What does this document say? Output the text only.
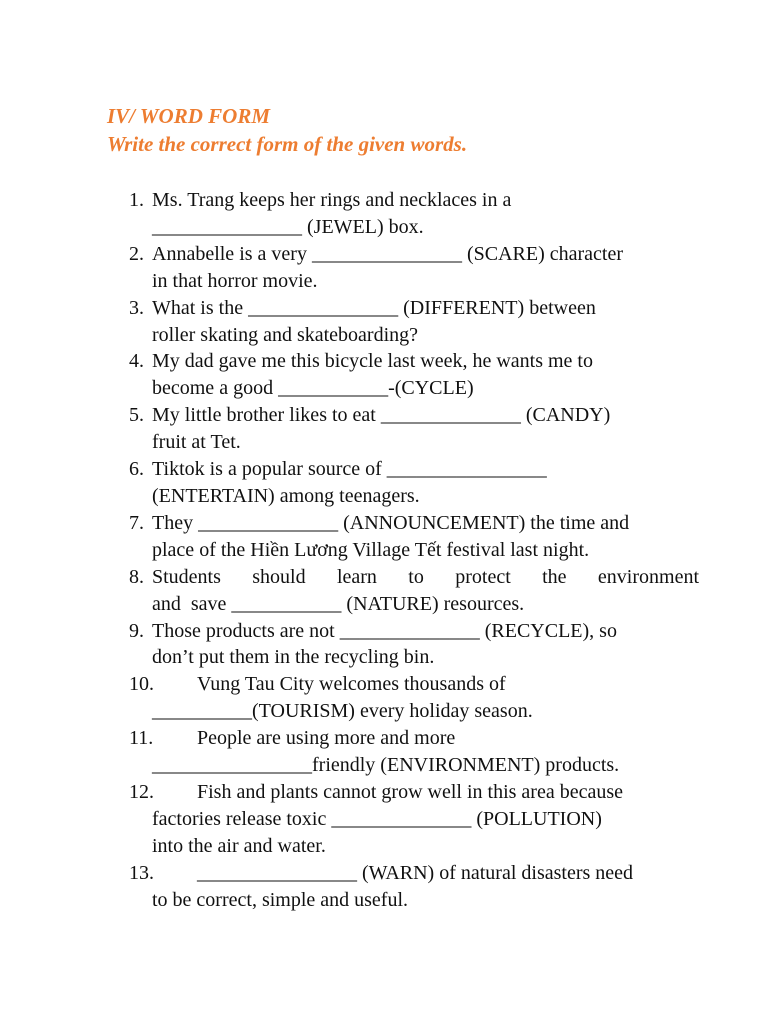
IV/ WORD FORM
Write the correct form of the given words.
1. Ms. Trang keeps her rings and necklaces in a
_______________ (JEWEL) box.
2. Annabelle is a very _______________ (SCARE) character
in that horror movie.
3. What is the _______________ (DIFFERENT) between
roller skating and skateboarding?
4. My dad gave me this bicycle last week, he wants me to
become a good ___________-(CYCLE)
5. My little brother likes to eat ______________ (CANDY)
fruit at Tet.
6. Tiktok is a popular source of ________________
(ENTERTAIN) among teenagers.
7. They ______________ (ANNOUNCEMENT) the time and
place of the Hiền Lương Village Tết festival last night.
8. Students should learn to protect the environment
and  save ___________ (NATURE) resources.
9. Those products are not ______________ (RECYCLE), so
don’t put them in the recycling bin.
10.	Vung Tau City welcomes thousands of
__________(TOURISM) every holiday season.
11.	People are using more and more
________________friendly (ENVIRONMENT) products.
12.	Fish and plants cannot grow well in this area because
factories release toxic ______________ (POLLUTION)
into the air and water.
13.	________________ (WARN) of natural disasters need
to be correct, simple and useful.
